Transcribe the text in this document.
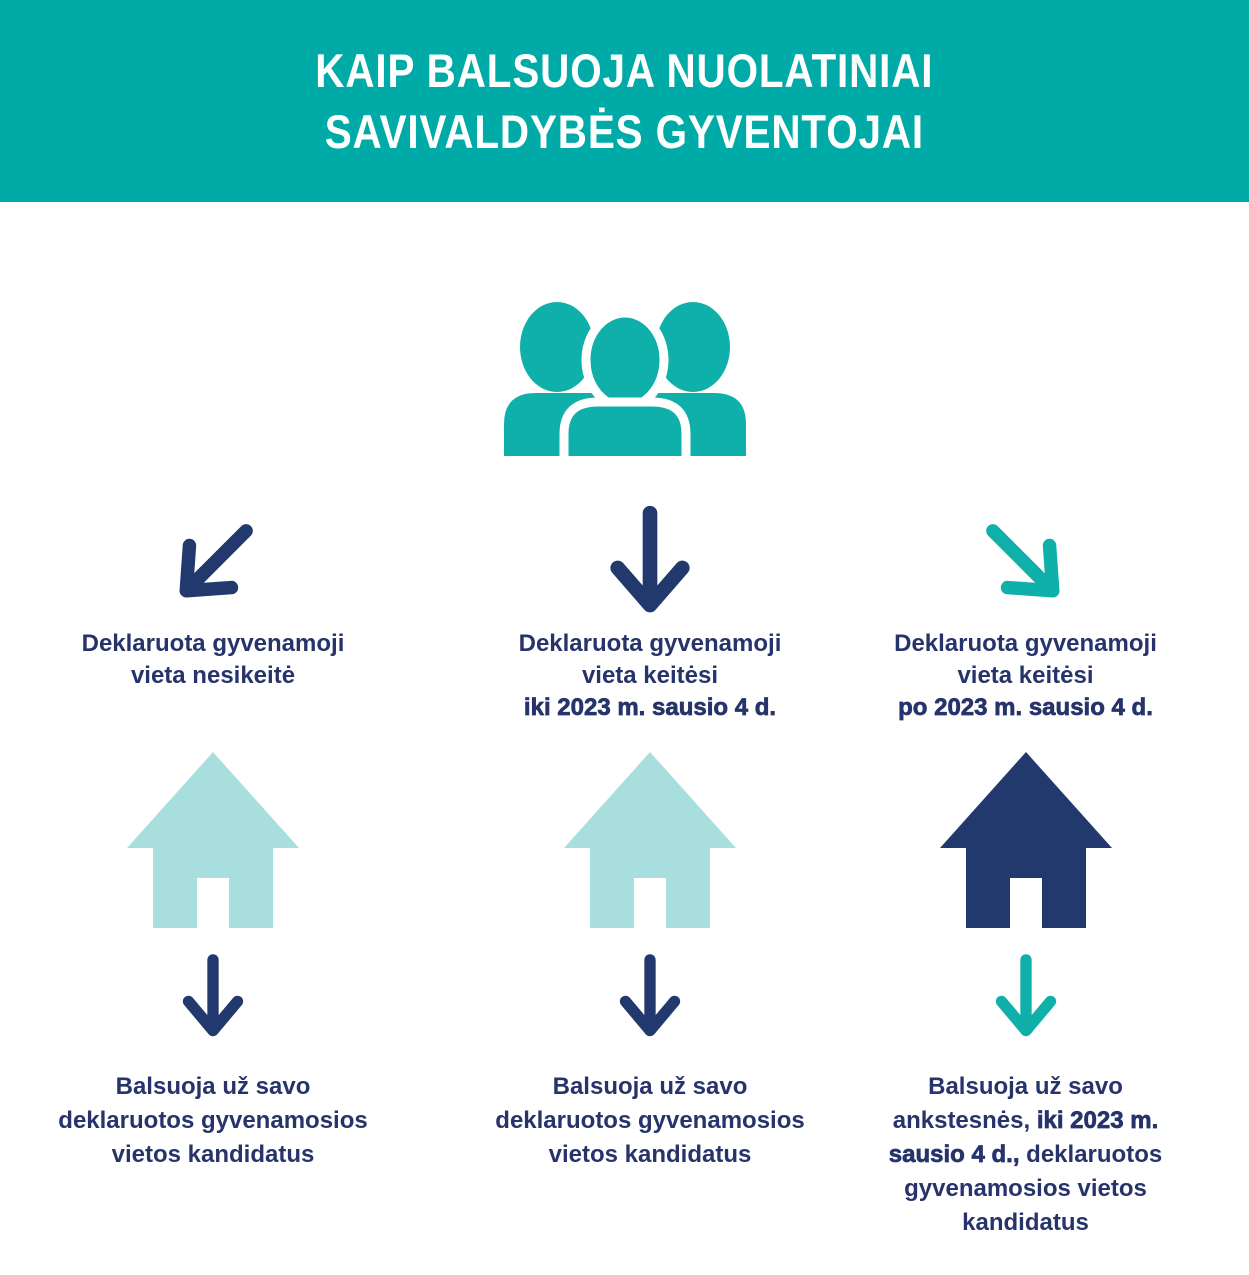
KAIP BALSUOJA NUOLATINIAI
SAVIVALDYBĖS GYVENTOJAI
Deklaruota gyvenamoji
vieta nesikeitė
Balsuoja už savo
deklaruotos gyvenamosios
vietos kandidatus
Deklaruota gyvenamoji
vieta keitėsi
iki 2023 m. sausio 4 d.
Balsuoja už savo
deklaruotos gyvenamosios
vietos kandidatus
Deklaruota gyvenamoji
vieta keitėsi
po 2023 m. sausio 4 d.
Balsuoja už savo
ankstesnės, iki 2023 m.
sausio 4 d., deklaruotos
gyvenamosios vietos
kandidatus
